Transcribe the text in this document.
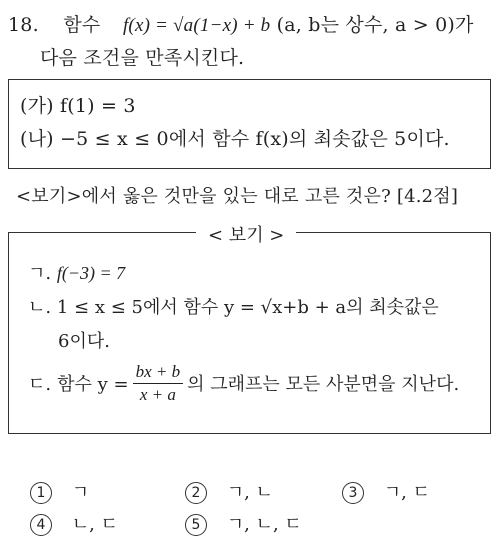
18. 함수 f(x) = √a(1−x) + b (a, b는 상수, a > 0)가
다음 조건을 만족시킨다.
(가) f(1) = 3
(나) −5 ≤ x ≤ 0에서 함수 f(x)의 최솟값은 5이다.
<보기>에서 옳은 것만을 있는 대로 고른 것은? [4.2점]
< 보기 >
ㄱ. f(−3) = 7
ㄴ. 1 ≤ x ≤ 5에서 함수 y = √x+b + a의 최솟값은
6이다.
ㄷ. 함수 $y = \frac{bx + b}{x + a}$ 의 그래프는 모든 사분면을 지난다.
1 ㄱ	2 ㄱ, ㄴ	3 ㄱ, ㄷ
4 ㄴ, ㄷ	5 ㄱ, ㄴ, ㄷ
